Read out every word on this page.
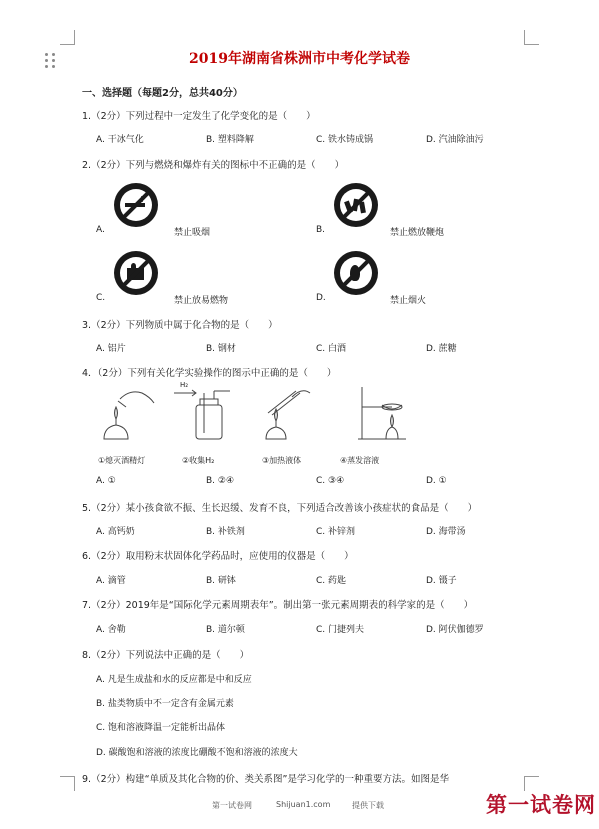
2019年湖南省株洲市中考化学试卷
一、选择题（每题2分，总共40分）
1.（2分）下列过程中一定发生了化学变化的是（　　）
A. 干冰气化	B. 塑料降解	C. 铁水铸成锅	D. 汽油除油污
2.（2分）下列与燃烧和爆炸有关的图标中不正确的是（　　）
A.	禁止吸烟	B.	禁止燃放鞭炮
C.	禁止放易燃物	D.	禁止烟火
3.（2分）下列物质中属于化合物的是（　　）
A. 铝片	B. 钢材	C. 白酒	D. 蔗糖
4．（2分）下列有关化学实验操作的图示中正确的是（　　）
H₂
①熄灭酒精灯	②收集H₂	③加热液体	④蒸发溶液
A. ①	B. ②④	C. ③④	D. ①
5.（2分）某小孩食欲不振、生长迟缓、发育不良，下列适合改善该小孩症状的食品是（　　）
A. 高钙奶	B. 补铁剂	C. 补锌剂	D. 海带汤
6.（2分）取用粉末状固体化学药品时，应使用的仪器是（　　）
A. 滴管	B. 研钵	C. 药匙	D. 镊子
7.（2分）2019年是“国际化学元素周期表年”。制出第一张元素周期表的科学家的是（　　）
A. 舍勒	B. 道尔顿	C. 门捷列夫	D. 阿伏伽德罗
8.（2分）下列说法中正确的是（　　）
A. 凡是生成盐和水的反应都是中和反应
B. 盐类物质中不一定含有金属元素
C. 饱和溶液降温一定能析出晶体
D. 碳酸饱和溶液的浓度比硼酸不饱和溶液的浓度大
9.（2分）构建“单质及其化合物的价、类关系图”是学习化学的一种重要方法。如图是华
第一试卷网	Shijuan1.com	提供下载	第一试卷网
